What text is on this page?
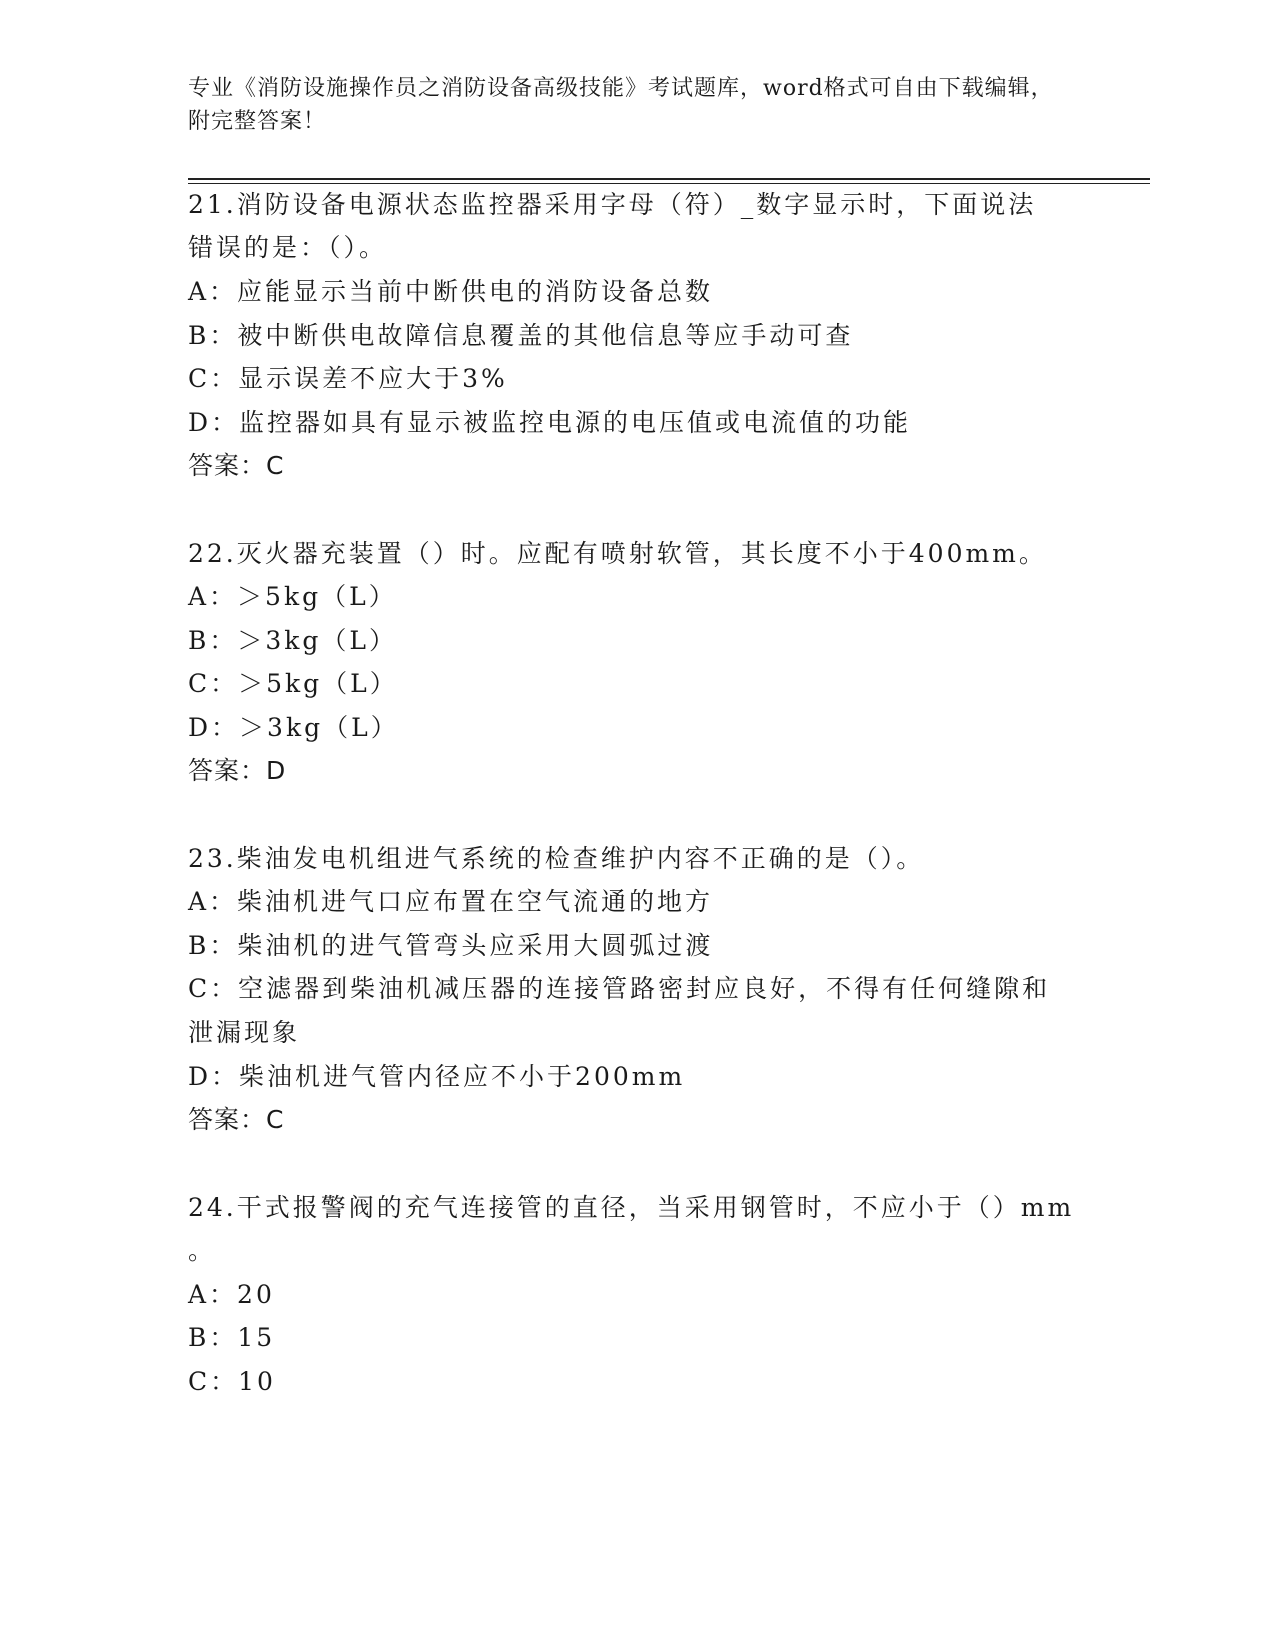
专业《消防设施操作员之消防设备高级技能》考试题库，word格式可自由下载编辑，附完整答案！

21.消防设备电源状态监控器采用字母（符）_数字显示时，下面说法

错误的是：（）。

A：应能显示当前中断供电的消防设备总数

B：被中断供电故障信息覆盖的其他信息等应手动可查

C：显示误差不应大于3%

D：监控器如具有显示被监控电源的电压值或电流值的功能

答案：C

22.灭火器充装置（）时。应配有喷射软管，其长度不小于400mm。

A：＞5kg（L）

B：＞3kg（L）

C：＞5kg（L）

D：＞3kg（L）

答案：D

23.柴油发电机组进气系统的检查维护内容不正确的是（）。

A：柴油机进气口应布置在空气流通的地方

B：柴油机的进气管弯头应采用大圆弧过渡

C：空滤器到柴油机减压器的连接管路密封应良好，不得有任何缝隙和

泄漏现象

D：柴油机进气管内径应不小于200mm

答案：C

24.干式报警阀的充气连接管的直径，当采用钢管时，不应小于（）mm

。

A：20

B：15

C：10
